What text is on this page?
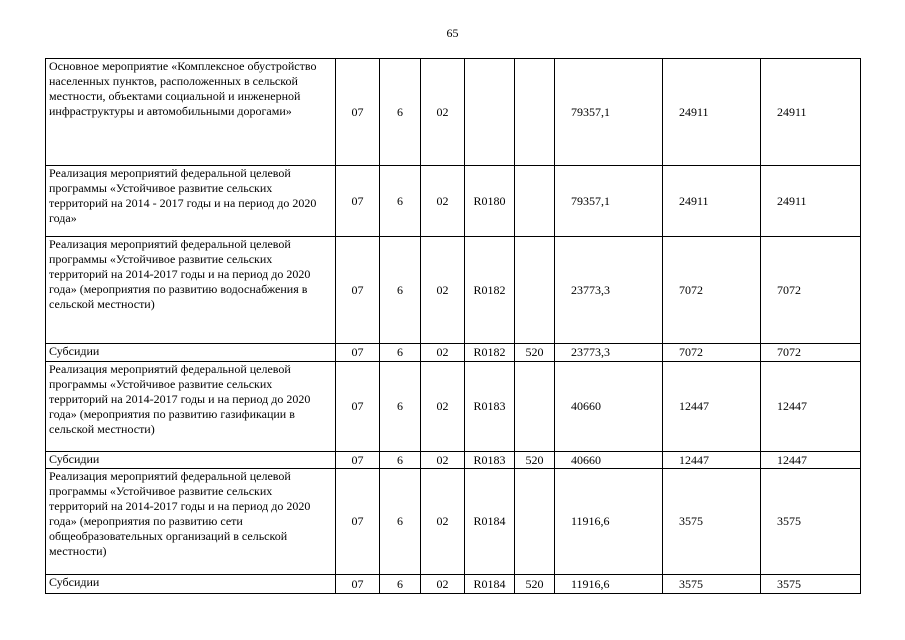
65
Основное мероприятие «Комплексное обустройство населенных пунктов, расположенных в сельской местности, объектами социальной и инженерной инфраструктуры и автомобильными дорогами»	07	6	02			79357,1	24911	24911
Реализация мероприятий федеральной целевой программы «Устойчивое развитие сельских территорий на 2014 - 2017 годы и на период до 2020 года»	07	6	02	R0180		79357,1	24911	24911
Реализация мероприятий федеральной целевой программы «Устойчивое развитие сельских территорий на 2014-2017 годы и на период до 2020 года» (мероприятия по развитию водоснабжения в сельской местности)	07	6	02	R0182		23773,3	7072	7072
Субсидии	07	6	02	R0182	520	23773,3	7072	7072
Реализация мероприятий федеральной целевой программы «Устойчивое развитие сельских территорий на 2014-2017 годы и на период до 2020 года» (мероприятия по развитию газификации в сельской местности)	07	6	02	R0183		40660	12447	12447
Субсидии	07	6	02	R0183	520	40660	12447	12447
Реализация мероприятий федеральной целевой программы «Устойчивое развитие сельских территорий на 2014-2017 годы и на период до 2020 года» (мероприятия по развитию сети общеобразовательных организаций в сельской местности)	07	6	02	R0184		11916,6	3575	3575
Субсидии	07	6	02	R0184	520	11916,6	3575	3575
